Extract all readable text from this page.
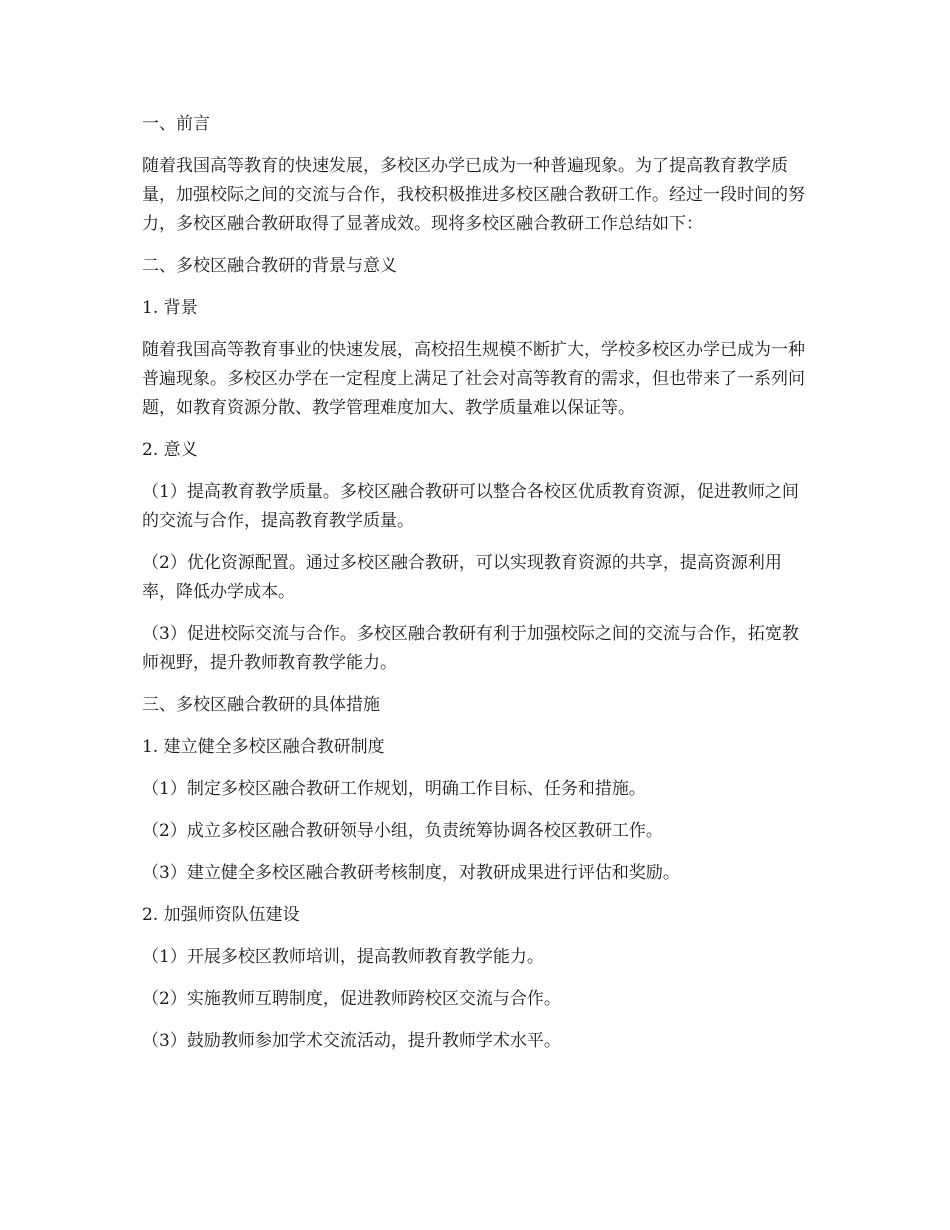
一、前言

随着我国高等教育的快速发展，多校区办学已成为一种普遍现象。为了提高教育教学质量，加强校际之间的交流与合作，我校积极推进多校区融合教研工作。经过一段时间的努力，多校区融合教研取得了显著成效。现将多校区融合教研工作总结如下：

二、多校区融合教研的背景与意义

1. 背景

随着我国高等教育事业的快速发展，高校招生规模不断扩大，学校多校区办学已成为一种普遍现象。多校区办学在一定程度上满足了社会对高等教育的需求，但也带来了一系列问题，如教育资源分散、教学管理难度加大、教学质量难以保证等。

2. 意义

（1）提高教育教学质量。多校区融合教研可以整合各校区优质教育资源，促进教师之间的交流与合作，提高教育教学质量。

（2）优化资源配置。通过多校区融合教研，可以实现教育资源的共享，提高资源利用率，降低办学成本。

（3）促进校际交流与合作。多校区融合教研有利于加强校际之间的交流与合作，拓宽教师视野，提升教师教育教学能力。

三、多校区融合教研的具体措施

1. 建立健全多校区融合教研制度

（1）制定多校区融合教研工作规划，明确工作目标、任务和措施。

（2）成立多校区融合教研领导小组，负责统筹协调各校区教研工作。

（3）建立健全多校区融合教研考核制度，对教研成果进行评估和奖励。

2. 加强师资队伍建设

（1）开展多校区教师培训，提高教师教育教学能力。

（2）实施教师互聘制度，促进教师跨校区交流与合作。

（3）鼓励教师参加学术交流活动，提升教师学术水平。
